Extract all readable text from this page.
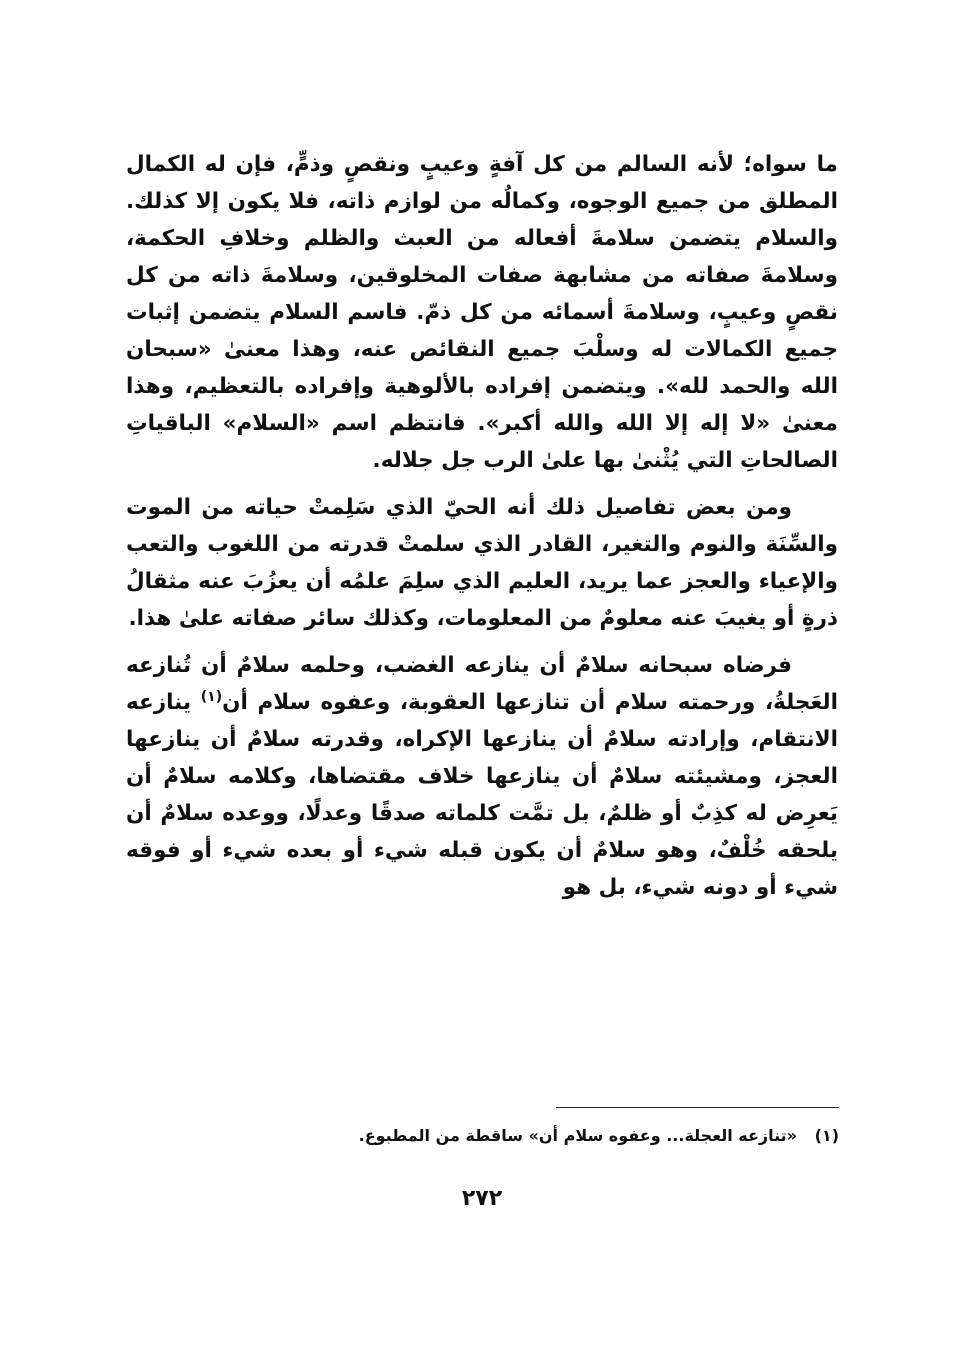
ما سواه؛ لأنه السالم من كل آفةٍ وعيبٍ ونقصٍ وذمٍّ، فإن له الكمال المطلق من جميع الوجوه، وكمالُه من لوازم ذاته، فلا يكون إلا كذلك. والسلام يتضمن سلامةَ أفعاله من العبث والظلم وخلافِ الحكمة، وسلامةَ صفاته من مشابهة صفات المخلوقين، وسلامةَ ذاته من كل نقصٍ وعيبٍ، وسلامةَ أسمائه من كل ذمّ. فاسم السلام يتضمن إثبات جميع الكمالات له وسلْبَ جميع النقائص عنه، وهذا معنىٰ «سبحان الله والحمد لله». ويتضمن إفراده بالألوهية وإفراده بالتعظيم، وهذا معنىٰ «لا إله إلا الله والله أكبر». فانتظم اسم «السلام» الباقياتِ الصالحاتِ التي يُثْنىٰ بها علىٰ الرب جل جلاله.

ومن بعض تفاصيل ذلك أنه الحيّ الذي سَلِمتْ حياته من الموت والسِّنَة والنوم والتغير، القادر الذي سلمتْ قدرته من اللغوب والتعب والإعياء والعجز عما يريد، العليم الذي سلِمَ علمُه أن يعزُبَ عنه مثقالُ ذرةٍ أو يغيبَ عنه معلومٌ من المعلومات، وكذلك سائر صفاته علىٰ هذا.

فرضاه سبحانه سلامٌ أن ينازعه الغضب، وحلمه سلامٌ أن تُنازعه العَجلةُ، ورحمته سلام أن تنازعها العقوبة، وعفوه سلام أن$^{(١)}$ ينازعه الانتقام، وإرادته سلامٌ أن ينازعها الإكراه، وقدرته سلامٌ أن ينازعها العجز، ومشيئته سلامٌ أن ينازعها خلاف مقتضاها، وكلامه سلامٌ أن يَعرِض له كذِبٌ أو ظلمٌ، بل تمَّت كلماته صدقًا وعدلًا، ووعده سلامٌ أن يلحقه خُلْفٌ، وهو سلامٌ أن يكون قبله شيء أو بعده شيء أو فوقه شيء أو دونه شيء، بل هو

(١) «تنازعه العجلة... وعفوه سلام أن» ساقطة من المطبوع.
٢٧٢
